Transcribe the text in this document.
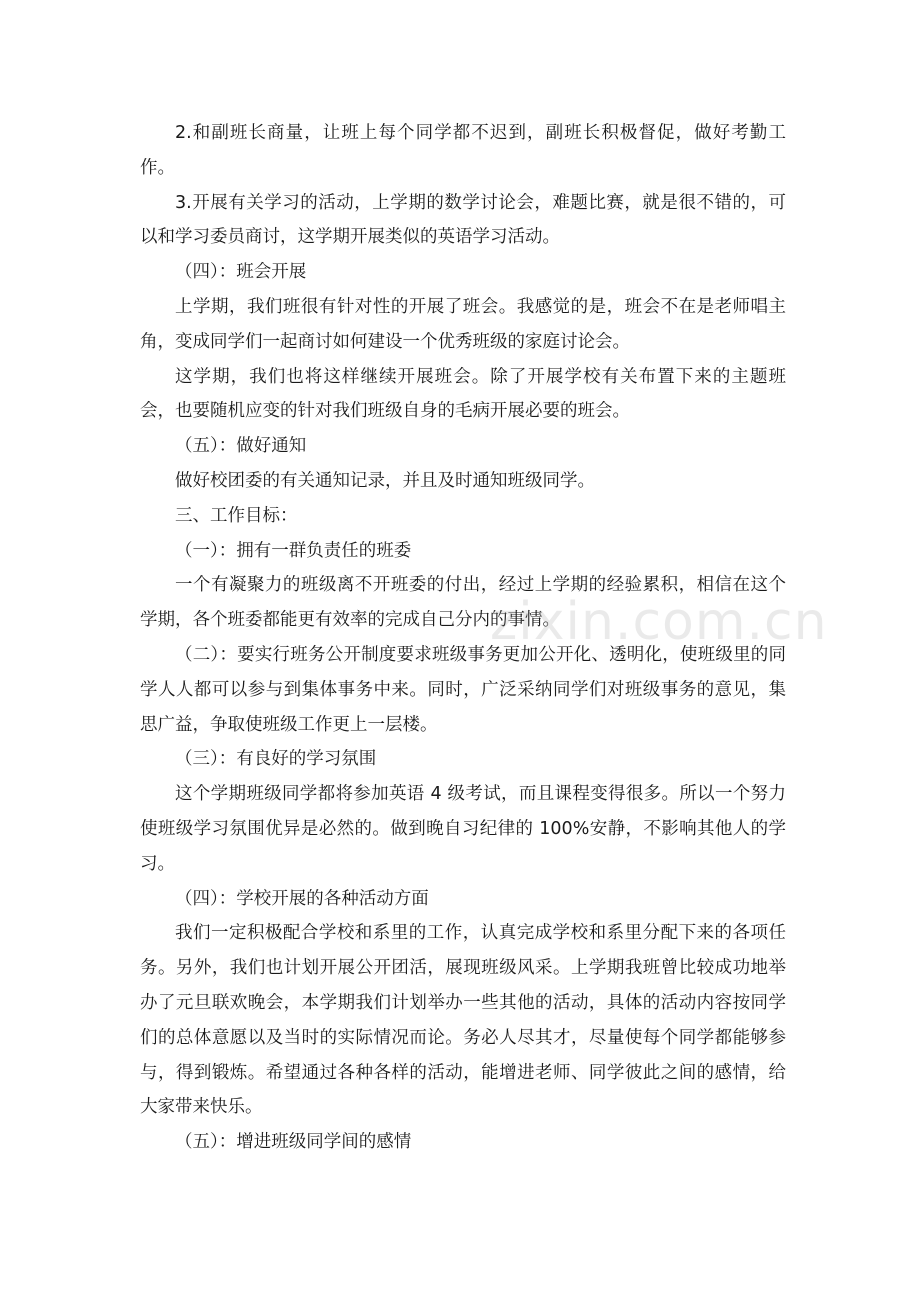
2.和副班长商量，让班上每个同学都不迟到，副班长积极督促，做好考勤工作。

3.开展有关学习的活动，上学期的数学讨论会，难题比赛，就是很不错的，可以和学习委员商讨，这学期开展类似的英语学习活动。

（四）：班会开展

上学期，我们班很有针对性的开展了班会。我感觉的是，班会不在是老师唱主角，变成同学们一起商讨如何建设一个优秀班级的家庭讨论会。

这学期，我们也将这样继续开展班会。除了开展学校有关布置下来的主题班会，也要随机应变的针对我们班级自身的毛病开展必要的班会。

（五）：做好通知

做好校团委的有关通知记录，并且及时通知班级同学。

三、工作目标：

（一）：拥有一群负责任的班委

一个有凝聚力的班级离不开班委的付出，经过上学期的经验累积，相信在这个学期，各个班委都能更有效率的完成自己分内的事情。

（二）：要实行班务公开制度要求班级事务更加公开化、透明化，使班级里的同学人人都可以参与到集体事务中来。同时，广泛采纳同学们对班级事务的意见，集思广益，争取使班级工作更上一层楼。

（三）：有良好的学习氛围

这个学期班级同学都将参加英语 4 级考试，而且课程变得很多。所以一个努力使班级学习氛围优异是必然的。做到晚自习纪律的 100%安静，不影响其他人的学习。

（四）：学校开展的各种活动方面

我们一定积极配合学校和系里的工作，认真完成学校和系里分配下来的各项任务。另外，我们也计划开展公开团活，展现班级风采。上学期我班曾比较成功地举办了元旦联欢晚会，本学期我们计划举办一些其他的活动，具体的活动内容按同学们的总体意愿以及当时的实际情况而论。务必人尽其才，尽量使每个同学都能够参与，得到锻炼。希望通过各种各样的活动，能增进老师、同学彼此之间的感情，给大家带来快乐。

（五）：增进班级同学间的感情

zixin.com.cn
